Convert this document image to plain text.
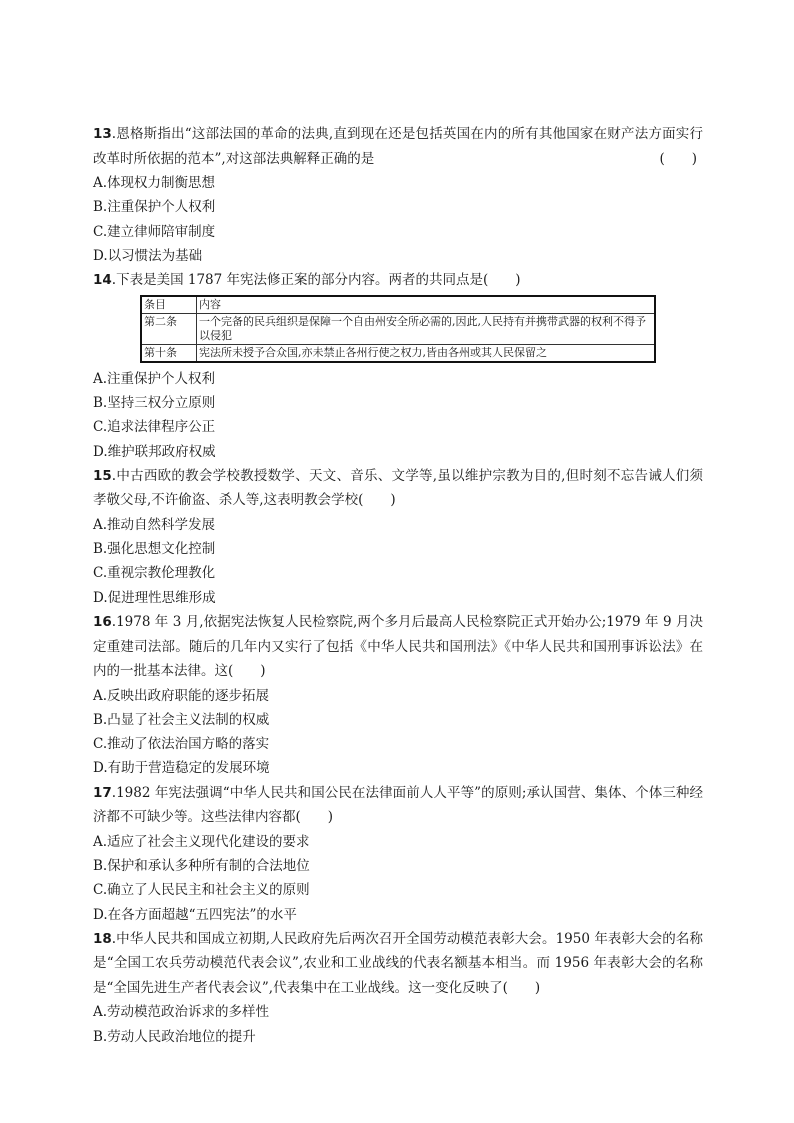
13.恩格斯指出“这部法国的革命的法典,直到现在还是包括英国在内的所有其他国家在财产法方面实行改革时所依据的范本”,对这部法典解释正确的是	(　　)

A.体现权力制衡思想

B.注重保护个人权利

C.建立律师陪审制度

D.以习惯法为基础

14.下表是美国 1787 年宪法修正案的部分内容。两者的共同点是(　　)

条目	内容
第二条	一个完备的民兵组织是保障一个自由州安全所必需的,因此,人民持有并携带武器的权利不得予以侵犯
第十条	宪法所未授予合众国,亦未禁止各州行使之权力,皆由各州或其人民保留之

A.注重保护个人权利

B.坚持三权分立原则

C.追求法律程序公正

D.维护联邦政府权威

15.中古西欧的教会学校教授数学、天文、音乐、文学等,虽以维护宗教为目的,但时刻不忘告诫人们须孝敬父母,不许偷盗、杀人等,这表明教会学校(　　)

A.推动自然科学发展

B.强化思想文化控制

C.重视宗教伦理教化

D.促进理性思维形成

16.1978 年 3 月,依据宪法恢复人民检察院,两个多月后最高人民检察院正式开始办公;1979 年 9 月决定重建司法部。随后的几年内又实行了包括《中华人民共和国刑法》《中华人民共和国刑事诉讼法》在内的一批基本法律。这(　　)

A.反映出政府职能的逐步拓展

B.凸显了社会主义法制的权威

C.推动了依法治国方略的落实

D.有助于营造稳定的发展环境

17.1982 年宪法强调“中华人民共和国公民在法律面前人人平等”的原则;承认国营、集体、个体三种经济都不可缺少等。这些法律内容都(　　)

A.适应了社会主义现代化建设的要求

B.保护和承认多种所有制的合法地位

C.确立了人民民主和社会主义的原则

D.在各方面超越“五四宪法”的水平

18.中华人民共和国成立初期,人民政府先后两次召开全国劳动模范表彰大会。1950 年表彰大会的名称是“全国工农兵劳动模范代表会议”,农业和工业战线的代表名额基本相当。而 1956 年表彰大会的名称是“全国先进生产者代表会议”,代表集中在工业战线。这一变化反映了(　　)

A.劳动模范政治诉求的多样性

B.劳动人民政治地位的提升
